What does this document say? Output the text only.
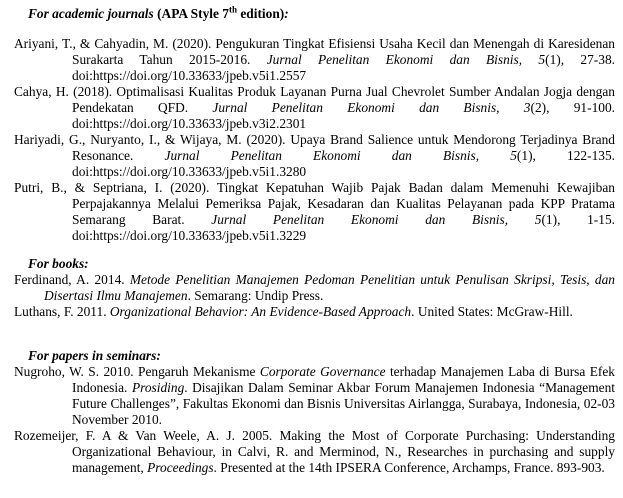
For academic journals (APA Style 7th edition):

Ariyani, T., & Cahyadin, M. (2020). Pengukuran Tingkat Efisiensi Usaha Kecil dan Menengah di Karesidenan Surakarta Tahun 2015-2016. Jurnal Penelitan Ekonomi dan Bisnis, 5(1), 27-38. doi:https://doi.org/10.33633/jpeb.v5i1.2557

Cahya, H. (2018). Optimalisasi Kualitas Produk Layanan Purna Jual Chevrolet Sumber Andalan Jogja dengan Pendekatan QFD. Jurnal Penelitan Ekonomi dan Bisnis, 3(2), 91-100. doi:https://doi.org/10.33633/jpeb.v3i2.2301

Hariyadi, G., Nuryanto, I., & Wijaya, M. (2020). Upaya Brand Salience untuk Mendorong Terjadinya Brand Resonance. Jurnal Penelitan Ekonomi dan Bisnis, 5(1), 122-135. doi:https://doi.org/10.33633/jpeb.v5i1.3280

Putri, B., & Septriana, I. (2020). Tingkat Kepatuhan Wajib Pajak Badan dalam Memenuhi Kewajiban Perpajakannya Melalui Pemeriksa Pajak, Kesadaran dan Kualitas Pelayanan pada KPP Pratama Semarang Barat. Jurnal Penelitan Ekonomi dan Bisnis, 5(1), 1-15. doi:https://doi.org/10.33633/jpeb.v5i1.3229

For books:

Ferdinand, A. 2014. Metode Penelitian Manajemen Pedoman Penelitian untuk Penulisan Skripsi, Tesis, dan Disertasi Ilmu Manajemen. Semarang: Undip Press.

Luthans, F. 2011. Organizational Behavior: An Evidence-Based Approach. United States: McGraw-Hill.

For papers in seminars:

Nugroho, W. S. 2010. Pengaruh Mekanisme Corporate Governance terhadap Manajemen Laba di Bursa Efek Indonesia. Prosiding. Disajikan Dalam Seminar Akbar Forum Manajemen Indonesia “Management Future Challenges”, Fakultas Ekonomi dan Bisnis Universitas Airlangga, Surabaya, Indonesia, 02-03 November 2010.

Rozemeijer, F. A & Van Weele, A. J. 2005. Making the Most of Corporate Purchasing: Understanding Organizational Behaviour, in Calvi, R. and Merminod, N., Researches in purchasing and supply management, Proceedings. Presented at the 14th IPSERA Conference, Archamps, France. 893-903.
